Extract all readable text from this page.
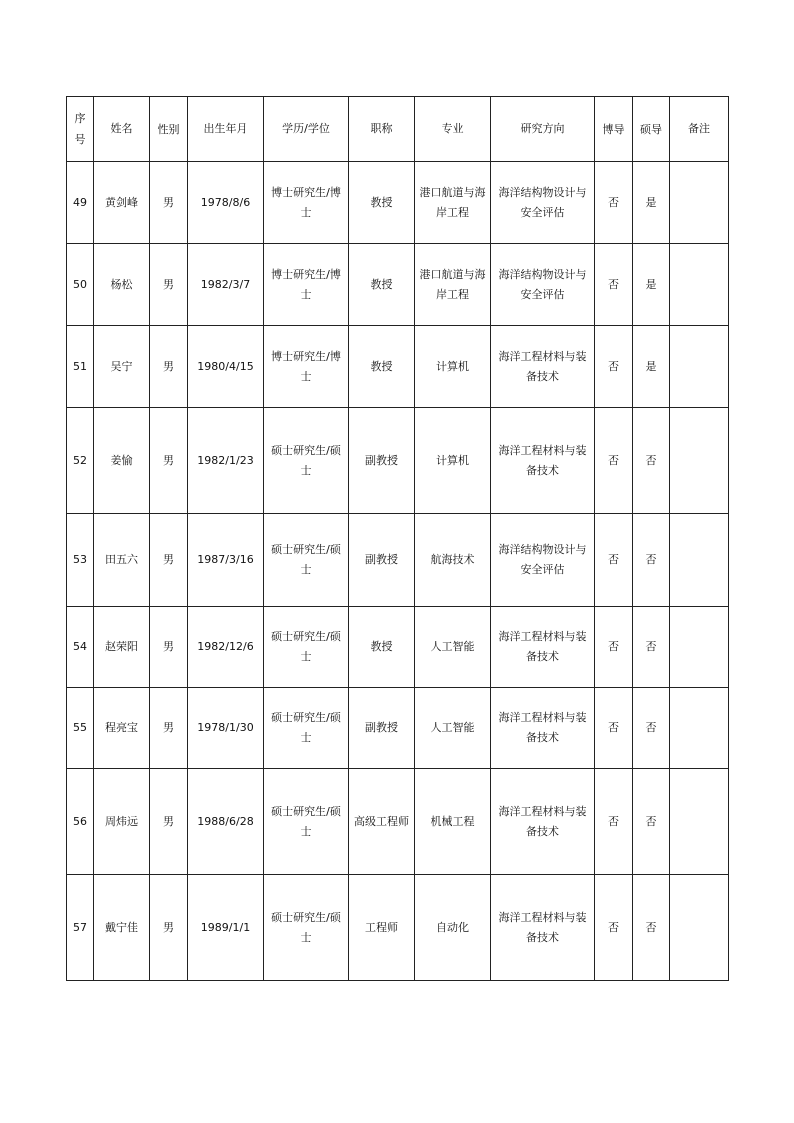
序号	姓名	性别	出生年月	学历/学位	职称	专业	研究方向	博导	硕导	备注
49	黄剑峰	男	1978/8/6	博士研究生/博士	教授	港口航道与海岸工程	海洋结构物设计与安全评估	否	是	
50	杨松	男	1982/3/7	博士研究生/博士	教授	港口航道与海岸工程	海洋结构物设计与安全评估	否	是	
51	吴宁	男	1980/4/15	博士研究生/博士	教授	计算机	海洋工程材料与装备技术	否	是	
52	姜愉	男	1982/1/23	硕士研究生/硕士	副教授	计算机	海洋工程材料与装备技术	否	否	
53	田五六	男	1987/3/16	硕士研究生/硕士	副教授	航海技术	海洋结构物设计与安全评估	否	否	
54	赵荣阳	男	1982/12/6	硕士研究生/硕士	教授	人工智能	海洋工程材料与装备技术	否	否	
55	程亮宝	男	1978/1/30	硕士研究生/硕士	副教授	人工智能	海洋工程材料与装备技术	否	否	
56	周炜远	男	1988/6/28	硕士研究生/硕士	高级工程师	机械工程	海洋工程材料与装备技术	否	否	
57	戴宁佳	男	1989/1/1	硕士研究生/硕士	工程师	自动化	海洋工程材料与装备技术	否	否	
